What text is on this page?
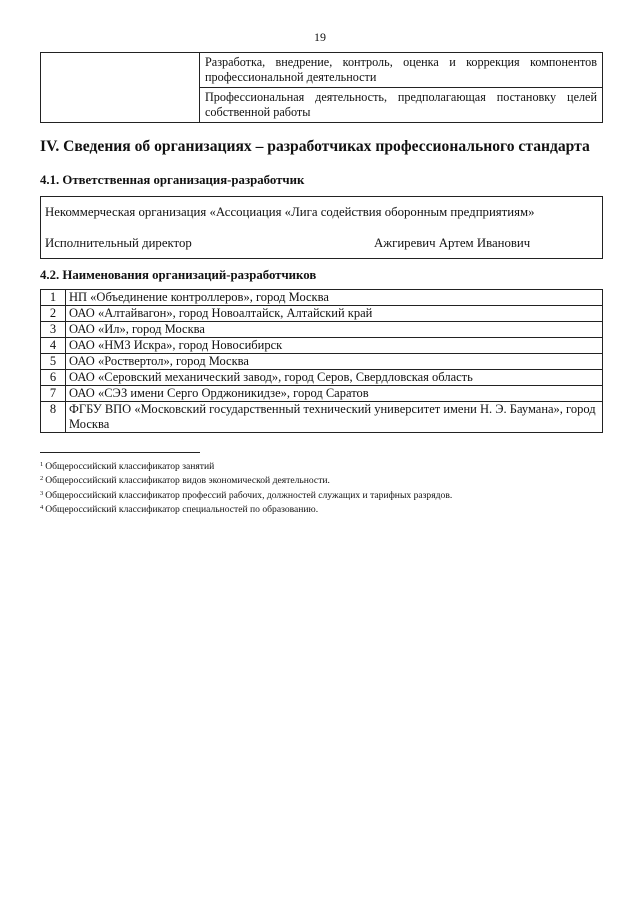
19
	Разработка, внедрение, контроль, оценка и коррекция компонентов профессиональной деятельности
Профессиональная деятельность, предполагающая постановку целей собственной работы
IV. Сведения об организациях – разработчиках профессионального стандарта
4.1. Ответственная организация-разработчик
Некоммерческая организация «Ассоциация «Лига содействия оборонным предприятиям»
Исполнительный директор	Ажгиревич Артем Иванович
4.2. Наименования организаций-разработчиков
1	НП «Объединение контроллеров», город Москва
2	ОАО «Алтайвагон», город Новоалтайск, Алтайский край
3	ОАО «Ил», город Москва
4	ОАО «НМЗ Искра», город Новосибирск
5	ОАО «Роствертол», город Москва
6	ОАО «Серовский механический завод», город Серов, Свердловская область
7	ОАО «СЭЗ имени Серго Орджоникидзе», город Саратов
8	ФГБУ ВПО «Московский государственный технический университет имени Н. Э. Баумана», город Москва
$^1$ Общероссийский классификатор занятий
$^2$ Общероссийский классификатор видов экономической деятельности.
$^3$ Общероссийский классификатор профессий рабочих, должностей служащих и тарифных разрядов.
$^4$ Общероссийский классификатор специальностей по образованию.
